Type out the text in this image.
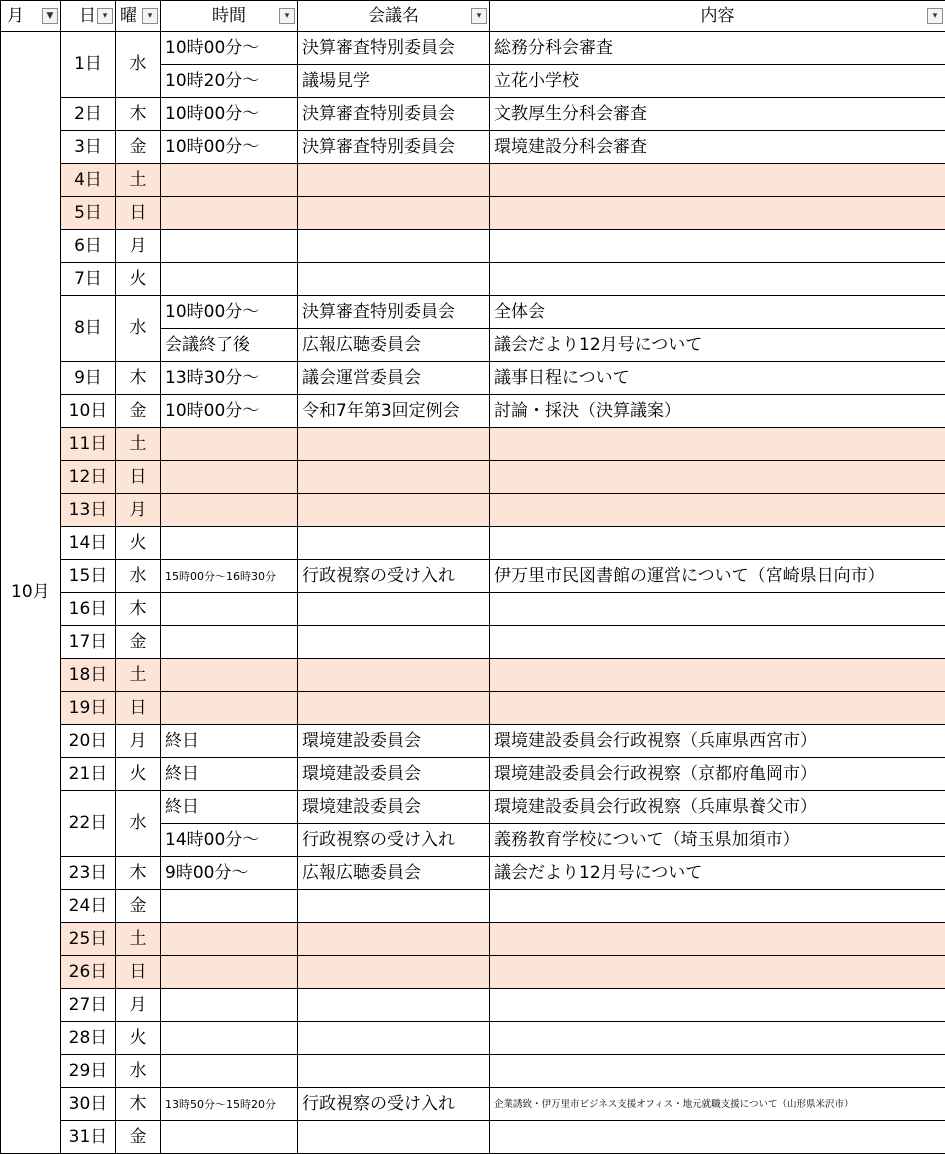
月 ▼	日 ▾	曜 ▾	時間 ▾	会議名 ▾	内容 ▾

10月	1日	水	10時00分～	決算審査特別委員会	総務分科会審査
			10時20分～	議場見学	立花小学校
	2日	木	10時00分～	決算審査特別委員会	文教厚生分科会審査
	3日	金	10時00分～	決算審査特別委員会	環境建設分科会審査
	4日	土			
	5日	日			
	6日	月			
	7日	火			
	8日	水	10時00分～	決算審査特別委員会	全体会
			会議終了後	広報広聴委員会	議会だより12月号について
	9日	木	13時30分～	議会運営委員会	議事日程について
	10日	金	10時00分～	令和7年第3回定例会	討論・採決（決算議案）
	11日	土			
	12日	日			
	13日	月			
	14日	火			
	15日	水	15時00分～16時30分	行政視察の受け入れ	伊万里市民図書館の運営について（宮崎県日向市）
	16日	木			
	17日	金			
	18日	土			
	19日	日			
	20日	月	終日	環境建設委員会	環境建設委員会行政視察（兵庫県西宮市）
	21日	火	終日	環境建設委員会	環境建設委員会行政視察（京都府亀岡市）
	22日	水	終日	環境建設委員会	環境建設委員会行政視察（兵庫県養父市）
			14時00分～	行政視察の受け入れ	義務教育学校について（埼玉県加須市）
	23日	木	9時00分～	広報広聴委員会	議会だより12月号について
	24日	金			
	25日	土			
	26日	日			
	27日	月			
	28日	火			
	29日	水			
	30日	木	13時50分～15時20分	行政視察の受け入れ	企業誘致・伊万里市ビジネス支援オフィス・地元就職支援について（山形県米沢市）
	31日	金			
